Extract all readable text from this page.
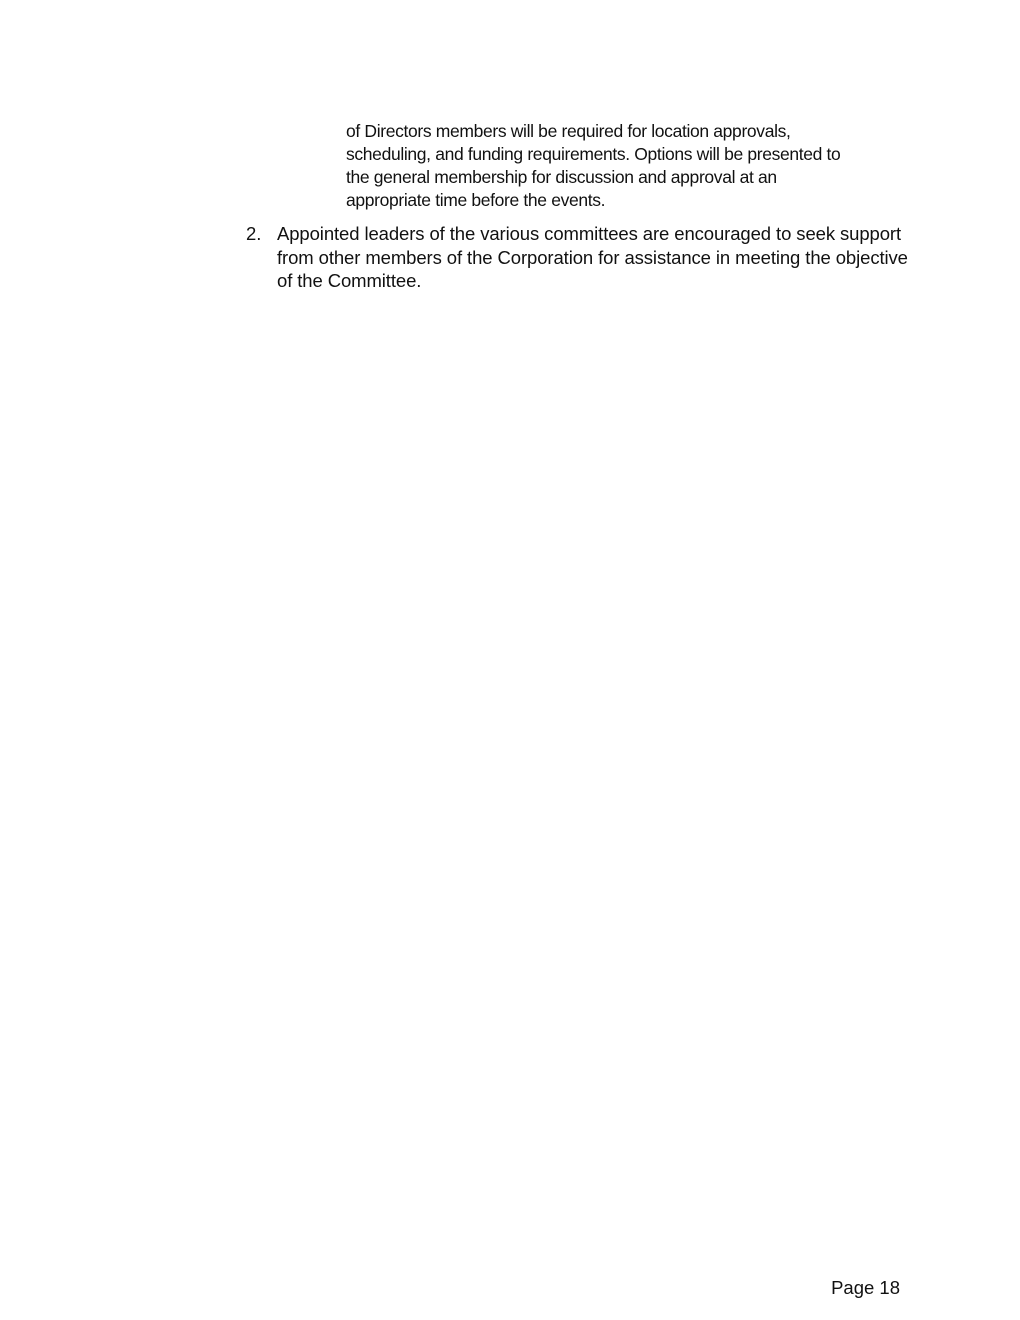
of Directors members will be required for location approvals,
scheduling, and funding requirements. Options will be presented to
the general membership for discussion and approval at an
appropriate time before the events.

2. Appointed leaders of the various committees are encouraged to seek support
from other members of the Corporation for assistance in meeting the objective
of the Committee.

Page 18
